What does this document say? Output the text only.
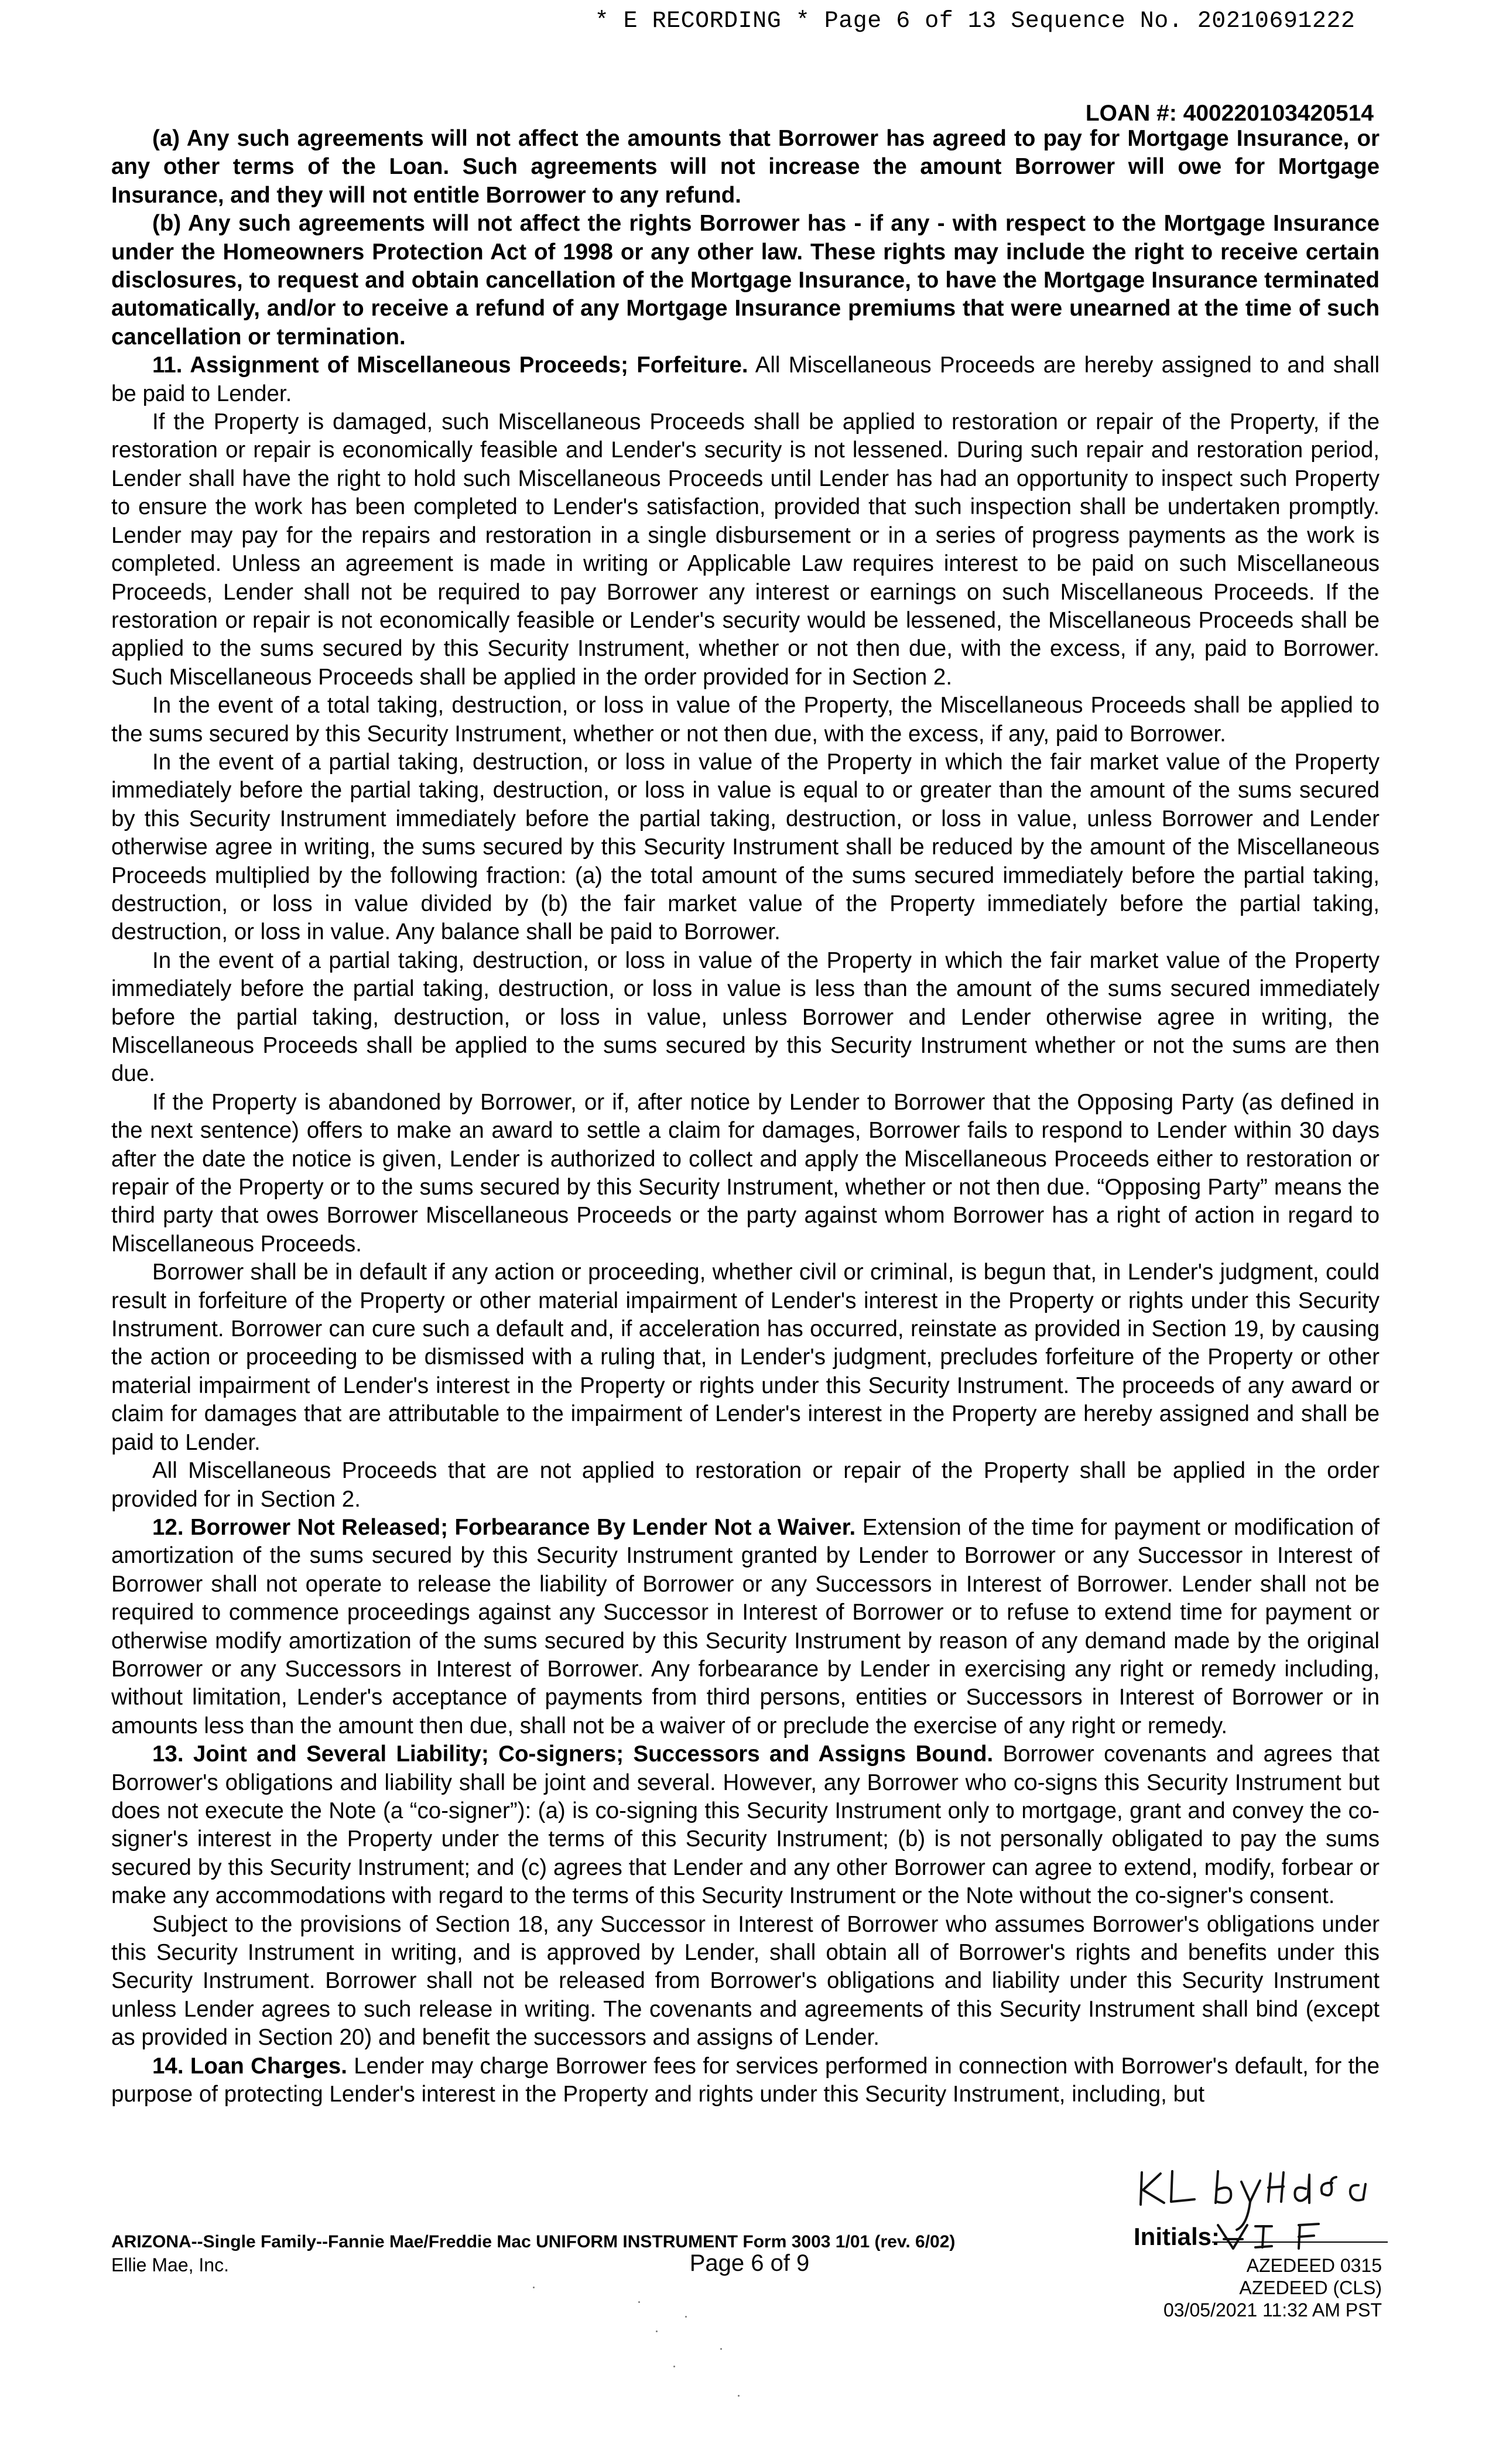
* E RECORDING * Page 6 of 13 Sequence No. 20210691222
LOAN #: 400220103420514

(a) Any such agreements will not affect the amounts that Borrower has agreed to pay for Mortgage Insurance, or any other terms of the Loan. Such agreements will not increase the amount Borrower will owe for Mortgage Insurance, and they will not entitle Borrower to any refund.

(b) Any such agreements will not affect the rights Borrower has - if any - with respect to the Mortgage Insurance under the Homeowners Protection Act of 1998 or any other law. These rights may include the right to receive certain disclosures, to request and obtain cancellation of the Mortgage Insurance, to have the Mortgage Insurance terminated automatically, and/or to receive a refund of any Mortgage Insurance premiums that were unearned at the time of such cancellation or termination.

11. Assignment of Miscellaneous Proceeds; Forfeiture. All Miscellaneous Proceeds are hereby assigned to and shall be paid to Lender.

If the Property is damaged, such Miscellaneous Proceeds shall be applied to restoration or repair of the Property, if the restoration or repair is economically feasible and Lender's security is not lessened. During such repair and restoration period, Lender shall have the right to hold such Miscellaneous Proceeds until Lender has had an opportunity to inspect such Property to ensure the work has been completed to Lender's satisfaction, provided that such inspection shall be undertaken promptly. Lender may pay for the repairs and restoration in a single disbursement or in a series of progress payments as the work is completed. Unless an agreement is made in writing or Applicable Law requires interest to be paid on such Miscellaneous Proceeds, Lender shall not be required to pay Borrower any interest or earnings on such Miscellaneous Proceeds. If the restoration or repair is not economically feasible or Lender's security would be lessened, the Miscellaneous Proceeds shall be applied to the sums secured by this Security Instrument, whether or not then due, with the excess, if any, paid to Borrower. Such Miscellaneous Proceeds shall be applied in the order provided for in Section 2.

In the event of a total taking, destruction, or loss in value of the Property, the Miscellaneous Proceeds shall be applied to the sums secured by this Security Instrument, whether or not then due, with the excess, if any, paid to Borrower.

In the event of a partial taking, destruction, or loss in value of the Property in which the fair market value of the Property immediately before the partial taking, destruction, or loss in value is equal to or greater than the amount of the sums secured by this Security Instrument immediately before the partial taking, destruction, or loss in value, unless Borrower and Lender otherwise agree in writing, the sums secured by this Security Instrument shall be reduced by the amount of the Miscellaneous Proceeds multiplied by the following fraction: (a) the total amount of the sums secured immediately before the partial taking, destruction, or loss in value divided by (b) the fair market value of the Property immediately before the partial taking, destruction, or loss in value. Any balance shall be paid to Borrower.

In the event of a partial taking, destruction, or loss in value of the Property in which the fair market value of the Property immediately before the partial taking, destruction, or loss in value is less than the amount of the sums secured immediately before the partial taking, destruction, or loss in value, unless Borrower and Lender otherwise agree in writing, the Miscellaneous Proceeds shall be applied to the sums secured by this Security Instrument whether or not the sums are then due.

If the Property is abandoned by Borrower, or if, after notice by Lender to Borrower that the Opposing Party (as defined in the next sentence) offers to make an award to settle a claim for damages, Borrower fails to respond to Lender within 30 days after the date the notice is given, Lender is authorized to collect and apply the Miscellaneous Proceeds either to restoration or repair of the Property or to the sums secured by this Security Instrument, whether or not then due. “Opposing Party” means the third party that owes Borrower Miscellaneous Proceeds or the party against whom Borrower has a right of action in regard to Miscellaneous Proceeds.

Borrower shall be in default if any action or proceeding, whether civil or criminal, is begun that, in Lender's judgment, could result in forfeiture of the Property or other material impairment of Lender's interest in the Property or rights under this Security Instrument. Borrower can cure such a default and, if acceleration has occurred, reinstate as provided in Section 19, by causing the action or proceeding to be dismissed with a ruling that, in Lender's judgment, precludes forfeiture of the Property or other material impairment of Lender's interest in the Property or rights under this Security Instrument. The proceeds of any award or claim for damages that are attributable to the impairment of Lender's interest in the Property are hereby assigned and shall be paid to Lender.

All Miscellaneous Proceeds that are not applied to restoration or repair of the Property shall be applied in the order provided for in Section 2.

12. Borrower Not Released; Forbearance By Lender Not a Waiver. Extension of the time for payment or modification of amortization of the sums secured by this Security Instrument granted by Lender to Borrower or any Successor in Interest of Borrower shall not operate to release the liability of Borrower or any Successors in Interest of Borrower. Lender shall not be required to commence proceedings against any Successor in Interest of Borrower or to refuse to extend time for payment or otherwise modify amortization of the sums secured by this Security Instrument by reason of any demand made by the original Borrower or any Successors in Interest of Borrower. Any forbearance by Lender in exercising any right or remedy including, without limitation, Lender's acceptance of payments from third persons, entities or Successors in Interest of Borrower or in amounts less than the amount then due, shall not be a waiver of or preclude the exercise of any right or remedy.

13. Joint and Several Liability; Co-signers; Successors and Assigns Bound. Borrower covenants and agrees that Borrower's obligations and liability shall be joint and several. However, any Borrower who co-signs this Security Instrument but does not execute the Note (a “co-signer”): (a) is co-signing this Security Instrument only to mortgage, grant and convey the co-signer's interest in the Property under the terms of this Security Instrument; (b) is not personally obligated to pay the sums secured by this Security Instrument; and (c) agrees that Lender and any other Borrower can agree to extend, modify, forbear or make any accommodations with regard to the terms of this Security Instrument or the Note without the co-signer's consent.

Subject to the provisions of Section 18, any Successor in Interest of Borrower who assumes Borrower's obligations under this Security Instrument in writing, and is approved by Lender, shall obtain all of Borrower's rights and benefits under this Security Instrument. Borrower shall not be released from Borrower's obligations and liability under this Security Instrument unless Lender agrees to such release in writing. The covenants and agreements of this Security Instrument shall bind (except as provided in Section 20) and benefit the successors and assigns of Lender.

14. Loan Charges. Lender may charge Borrower fees for services performed in connection with Borrower's default, for the purpose of protecting Lender's interest in the Property and rights under this Security Instrument, including, but

Initials:
ARIZONA--Single Family--Fannie Mae/Freddie Mac UNIFORM INSTRUMENT Form 3003 1/01 (rev. 6/02)
Ellie Mae, Inc.	Page 6 of 9	AZEDEED 0315
AZEDEED (CLS)
03/05/2021 11:32 AM PST
